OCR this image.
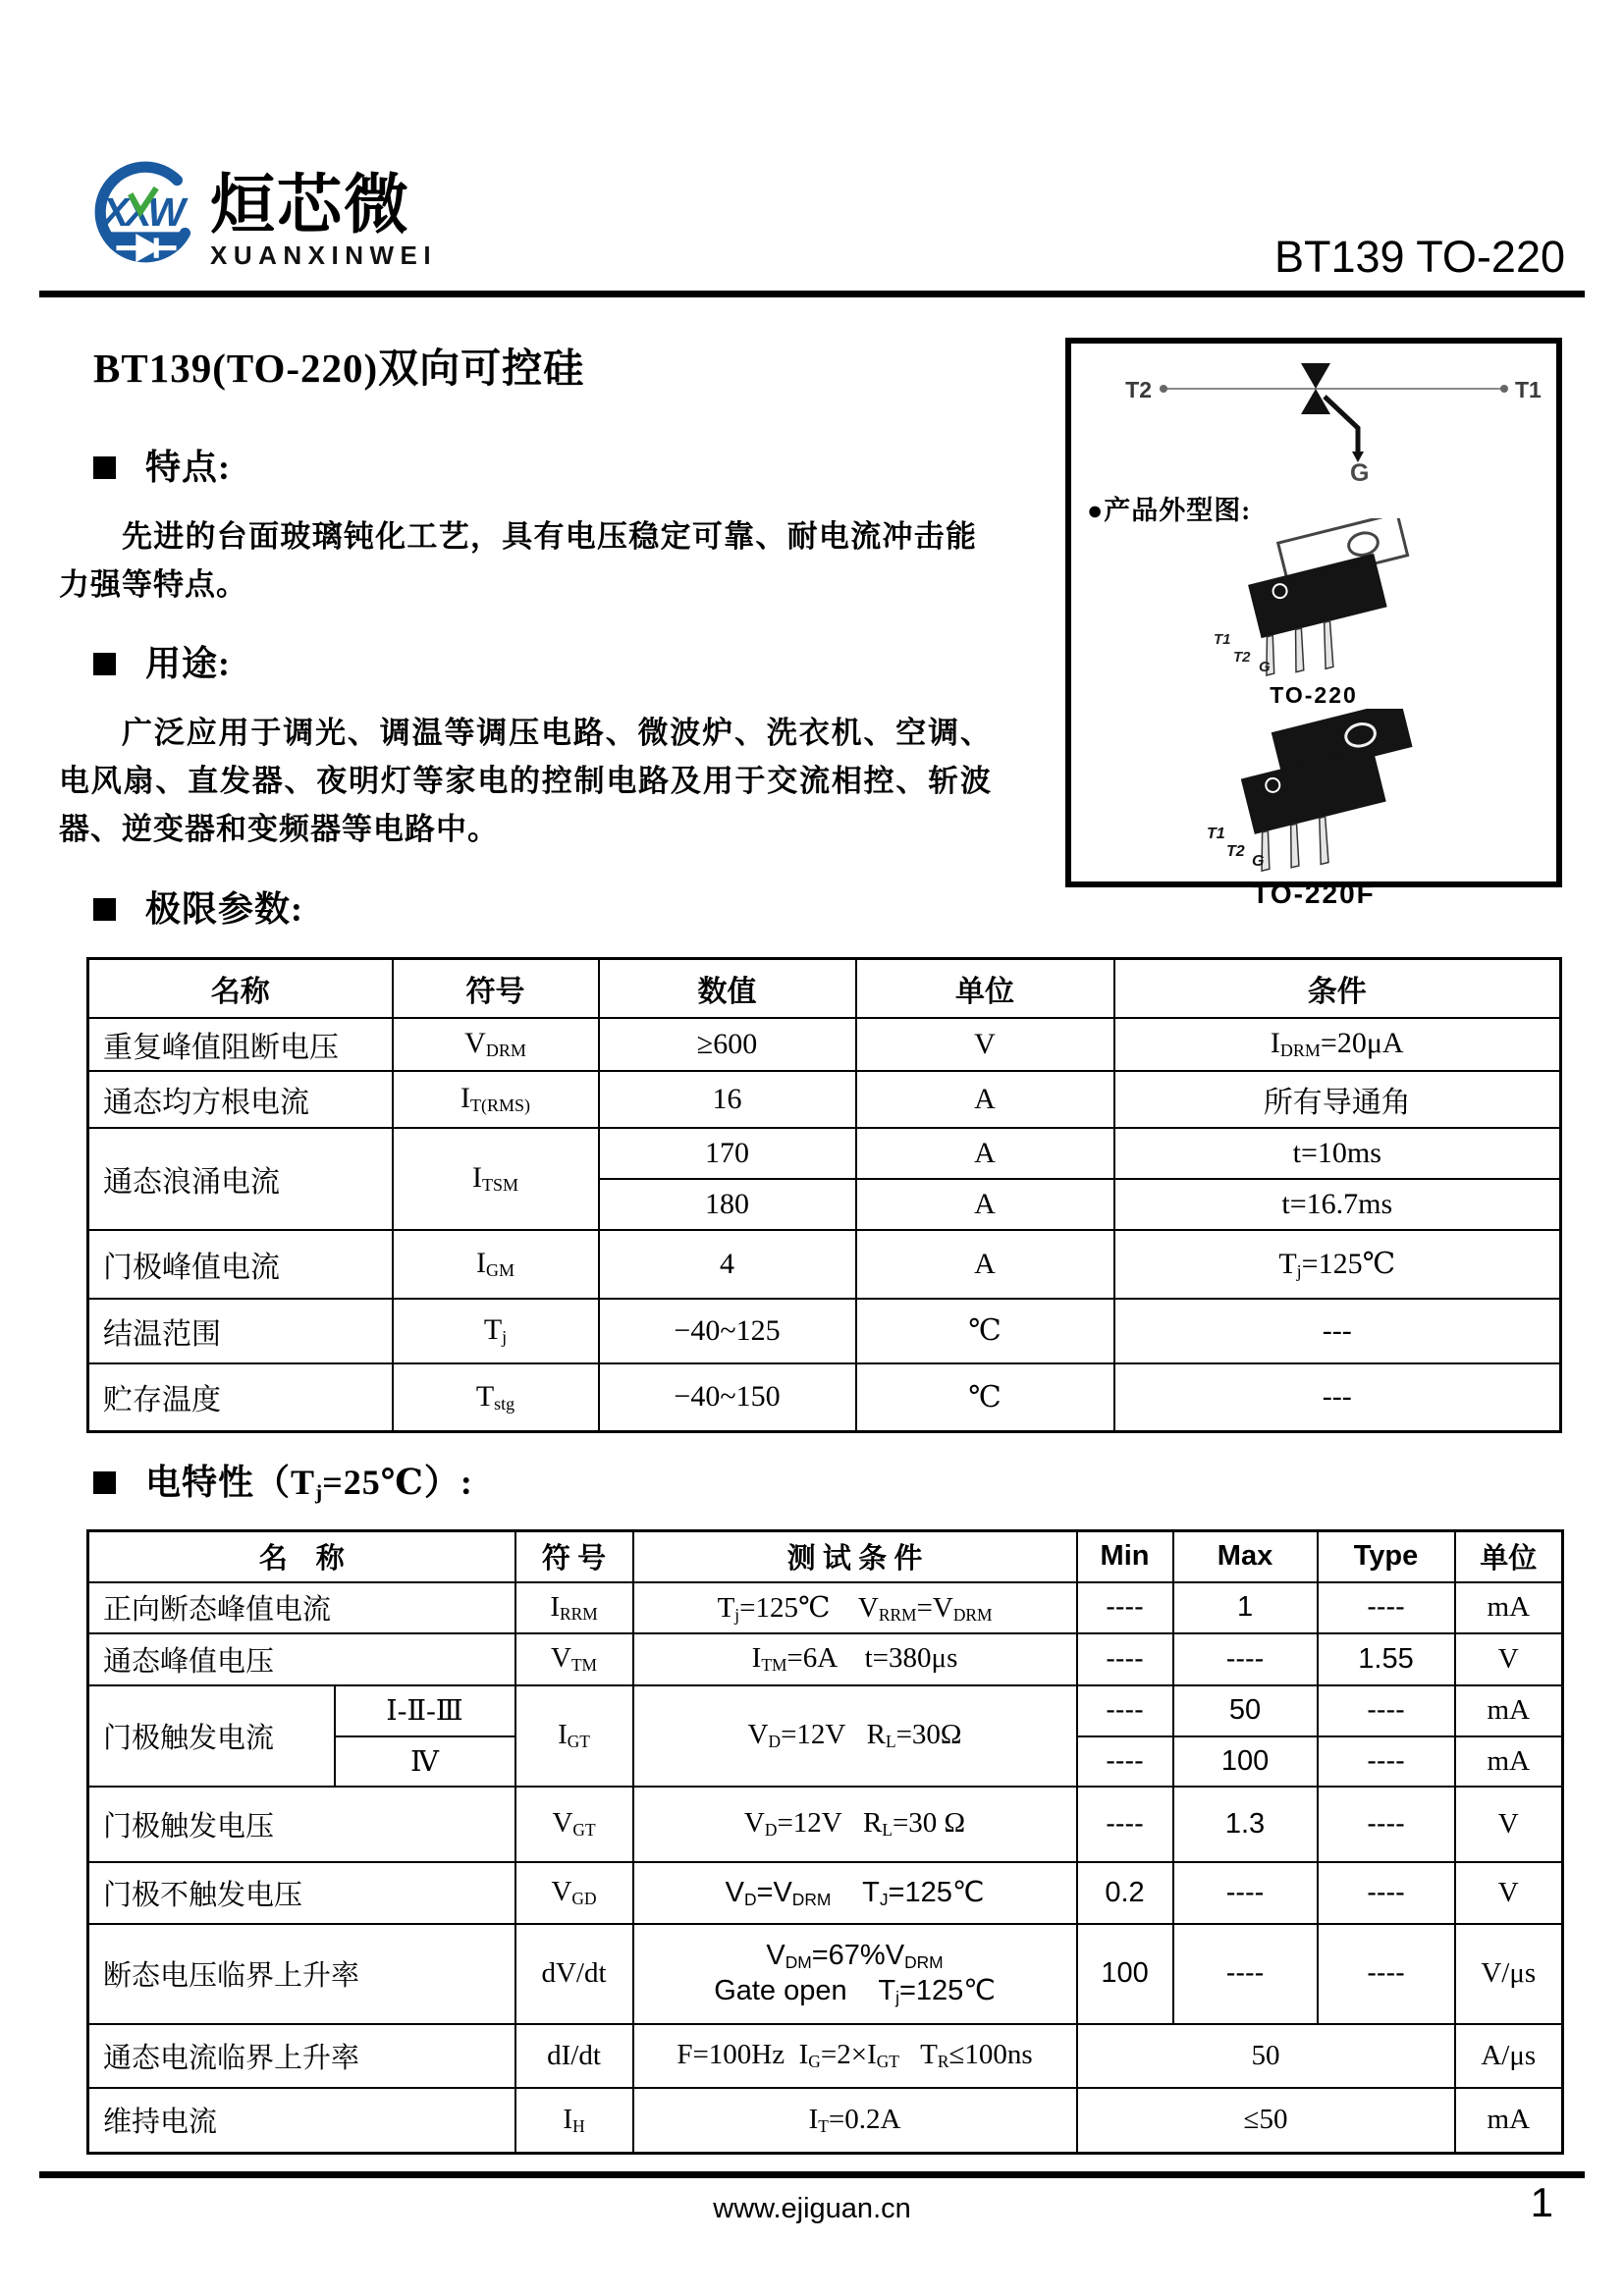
XXW 烜芯微
XUANXINWEI	BT139 TO-220
BT139(TO-220)双向可控硅	T2	T1
G
●产品外型图:
T1
T2
G
TO-220
T1
T2
G
TO-220F
特点:
先进的台面玻璃钝化工艺，具有电压稳定可靠、耐电流冲击能力强等特点。
用途:
广泛应用于调光、调温等调压电路、微波炉、洗衣机、空调、电风扇、直发器、夜明灯等家电的控制电路及用于交流相控、斩波器、逆变器和变频器等电路中。
极限参数:
名称	符号	数值	单位	条件
重复峰值阻断电压	$V_{DRM}$	≥600	V	$I_{DRM}=20\mu A$
通态均方根电流	$I_{T(RMS)}$	16	A	所有导通角
通态浪涌电流	$I_{TSM}$	170	A	t=10ms
		180	A	t=16.7ms
门极峰值电流	$I_{GM}$	4	A	$T_j=125℃$
结温范围	$T_j$	−40~125	℃	---
贮存温度	$T_{stg}$	−40~150	℃	---
电特性$(T_j=25℃)$:
名    称		符 号	测 试 条 件	Min	Max	Type	单位
正向断态峰值电流		$I_{RRM}$	$T_j=125℃$    $V_{RRM}=V_{DRM}$	----	1	----	mA
通态峰值电压		$V_{TM}$	$I_{TM}=6A$    t=380μs	----	----	1.55	V
门极触发电流	Ⅰ-Ⅱ-Ⅲ	$I_{GT}$	$V_D=12V$   $R_L=30\Omega$	----	50	----	mA
	Ⅳ			----	100	----	mA
门极触发电压		$V_{GT}$	$V_D=12V$   $R_L=30$ Ω	----	1.3	----	V
门极不触发电压		$V_{GD}$	$V_D=V_{DRM}$    $T_J=125℃$	0.2	----	----	V
断态电压临界上升率		dV/dt	$V_{DM}=67\%V_{DRM}$
Gate open    $T_j=125℃$	100	----	----	V/μs
通态电流临界上升率		dI/dt	F=100Hz  $I_G=2\times I_{GT}$   $T_R\le 100ns$	50			A/μs
维持电流		$I_H$	$I_T=0.2A$	≤50			mA
www.ejiguan.cn	1
